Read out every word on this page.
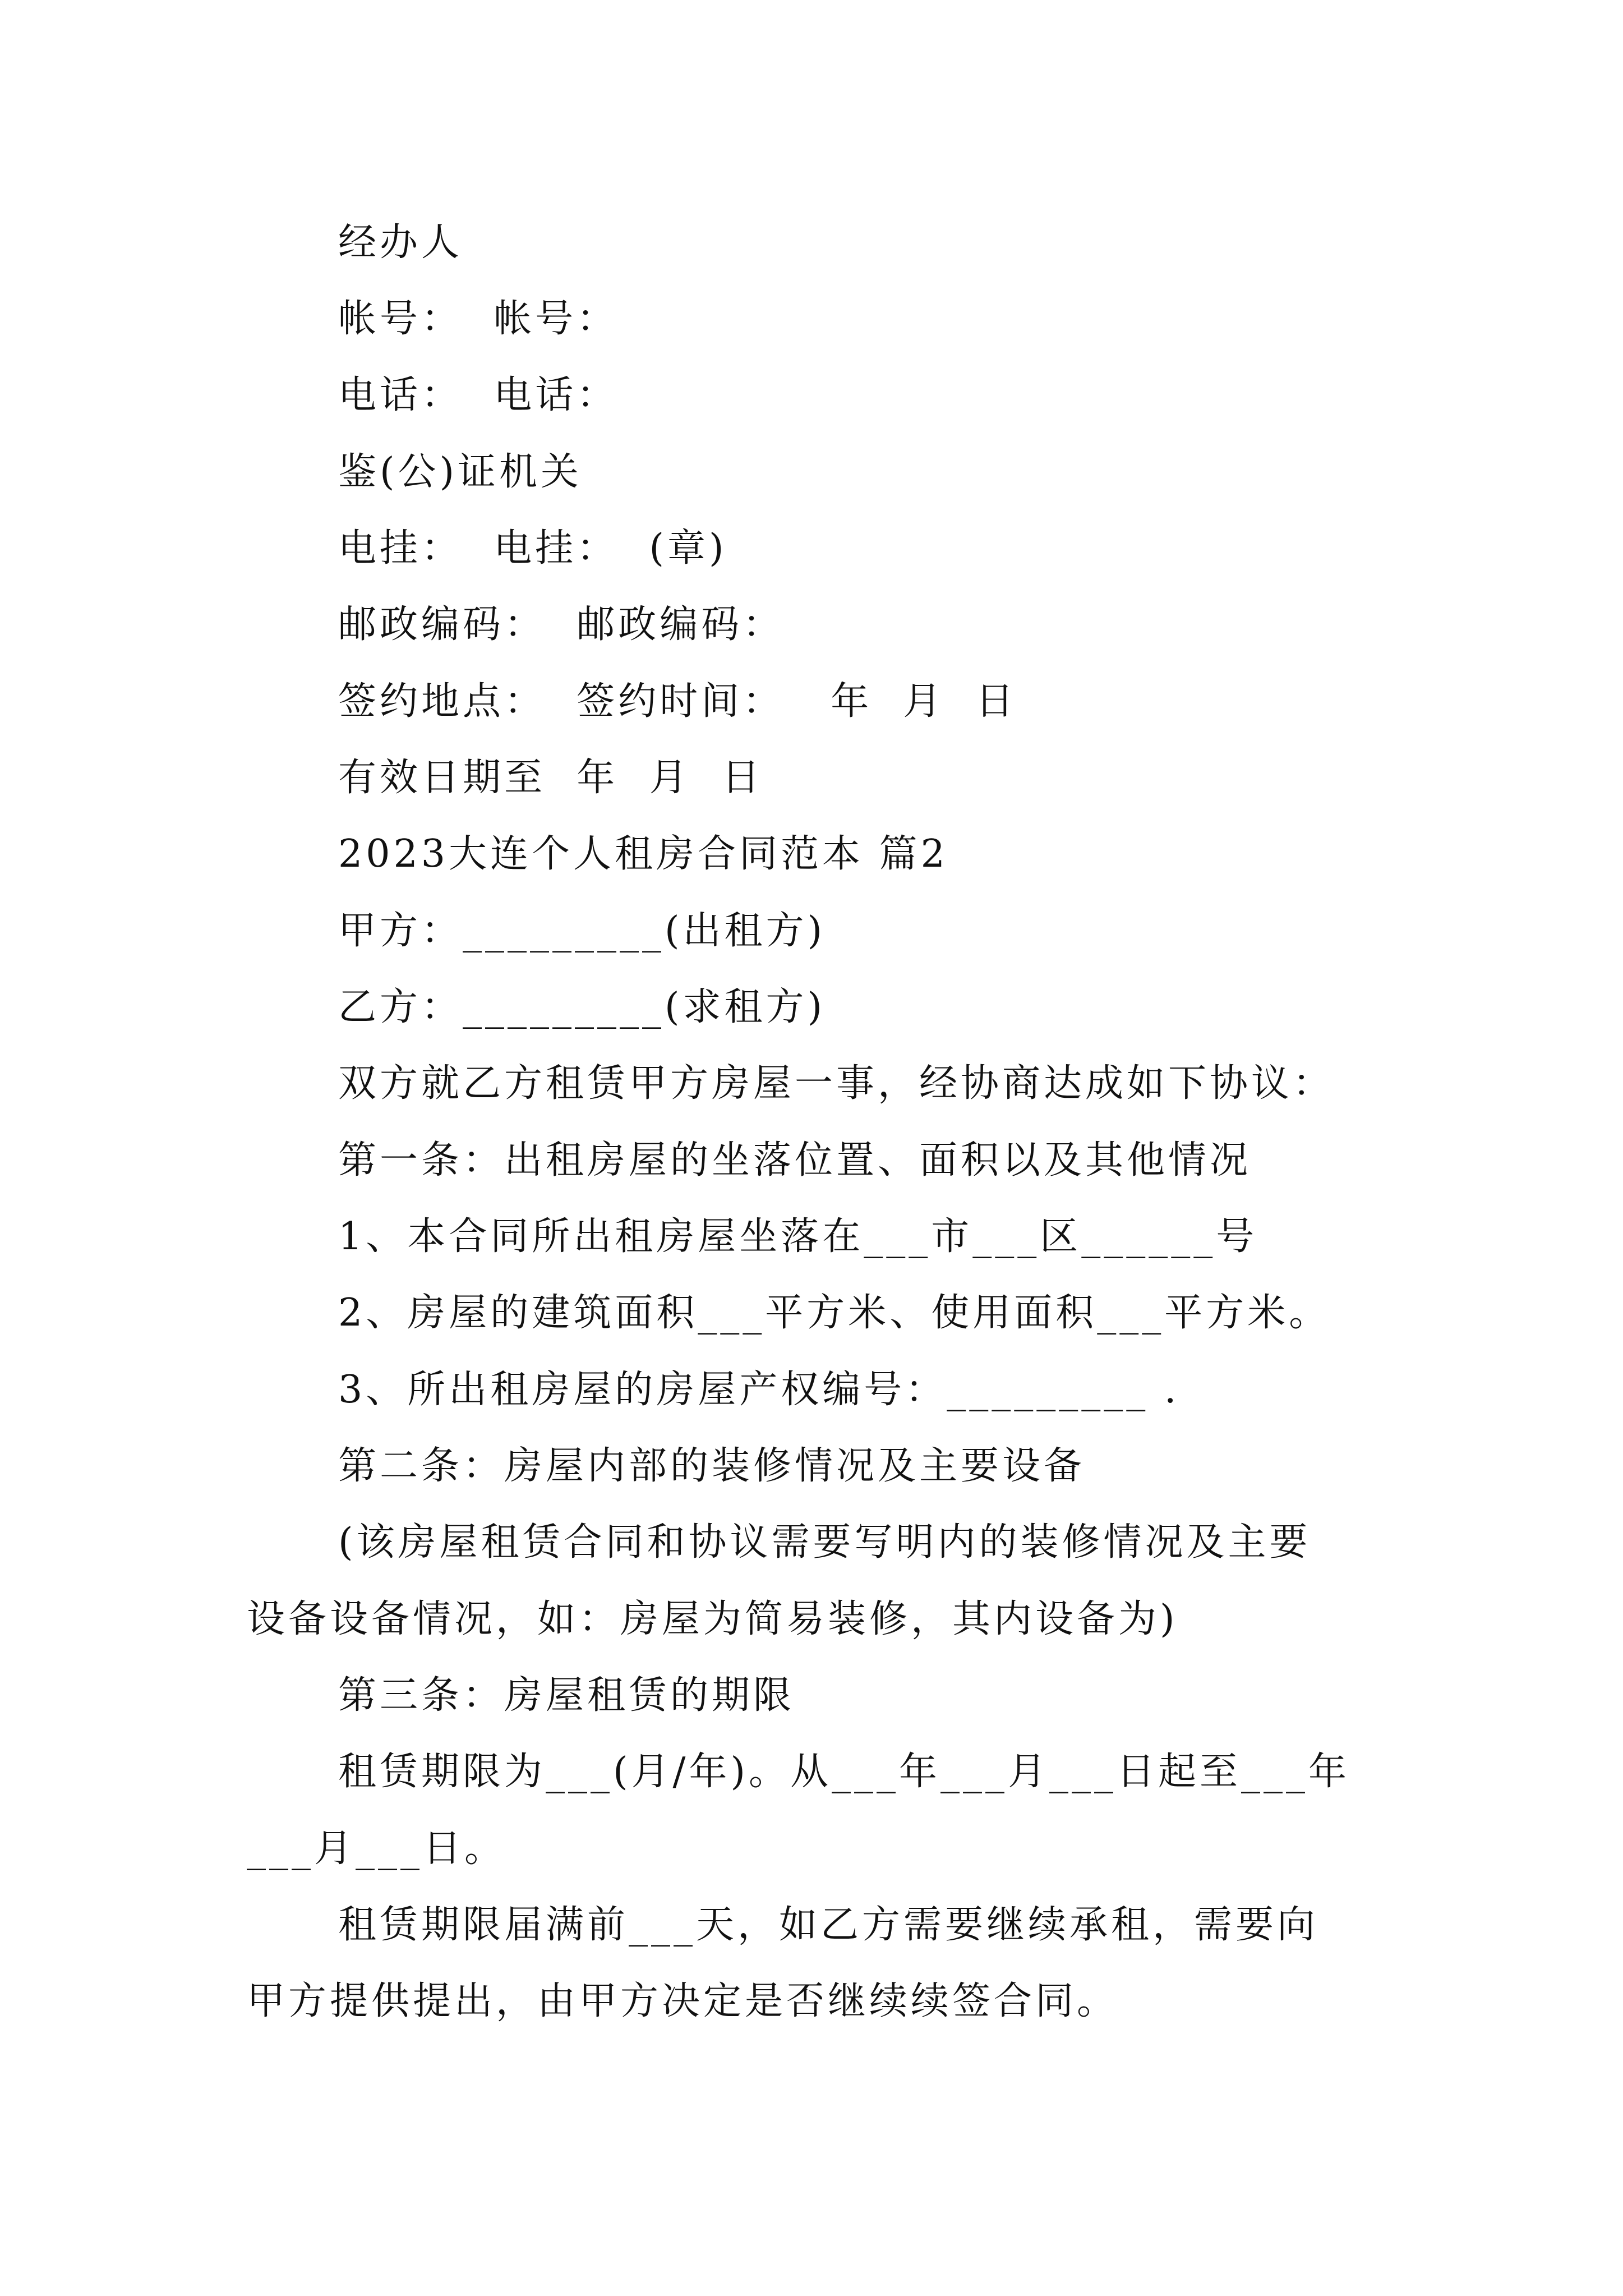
经办人

帐号：  帐号：

电话：  电话：

鉴(公)证机关

电挂：  电挂：  (章)

邮政编码：  邮政编码：

签约地点：  签约时间：   年  月  日

有效日期至  年  月  日

2023大连个人租房合同范本 篇2

甲方：_________(出租方)

乙方：_________(求租方)

双方就乙方租赁甲方房屋一事，经协商达成如下协议：

第一条：出租房屋的坐落位置、面积以及其他情况

1、本合同所出租房屋坐落在___市___区______号

2、房屋的建筑面积___平方米、使用面积___平方米。

3、所出租房屋的房屋产权编号：_________ .

第二条：房屋内部的装修情况及主要设备

(该房屋租赁合同和协议需要写明内的装修情况及主要

设备设备情况，如：房屋为简易装修，其内设备为)

第三条：房屋租赁的期限

租赁期限为___(月/年)。从___年___月___日起至___年

___月___日。

租赁期限届满前___天，如乙方需要继续承租，需要向

甲方提供提出，由甲方决定是否继续续签合同。
